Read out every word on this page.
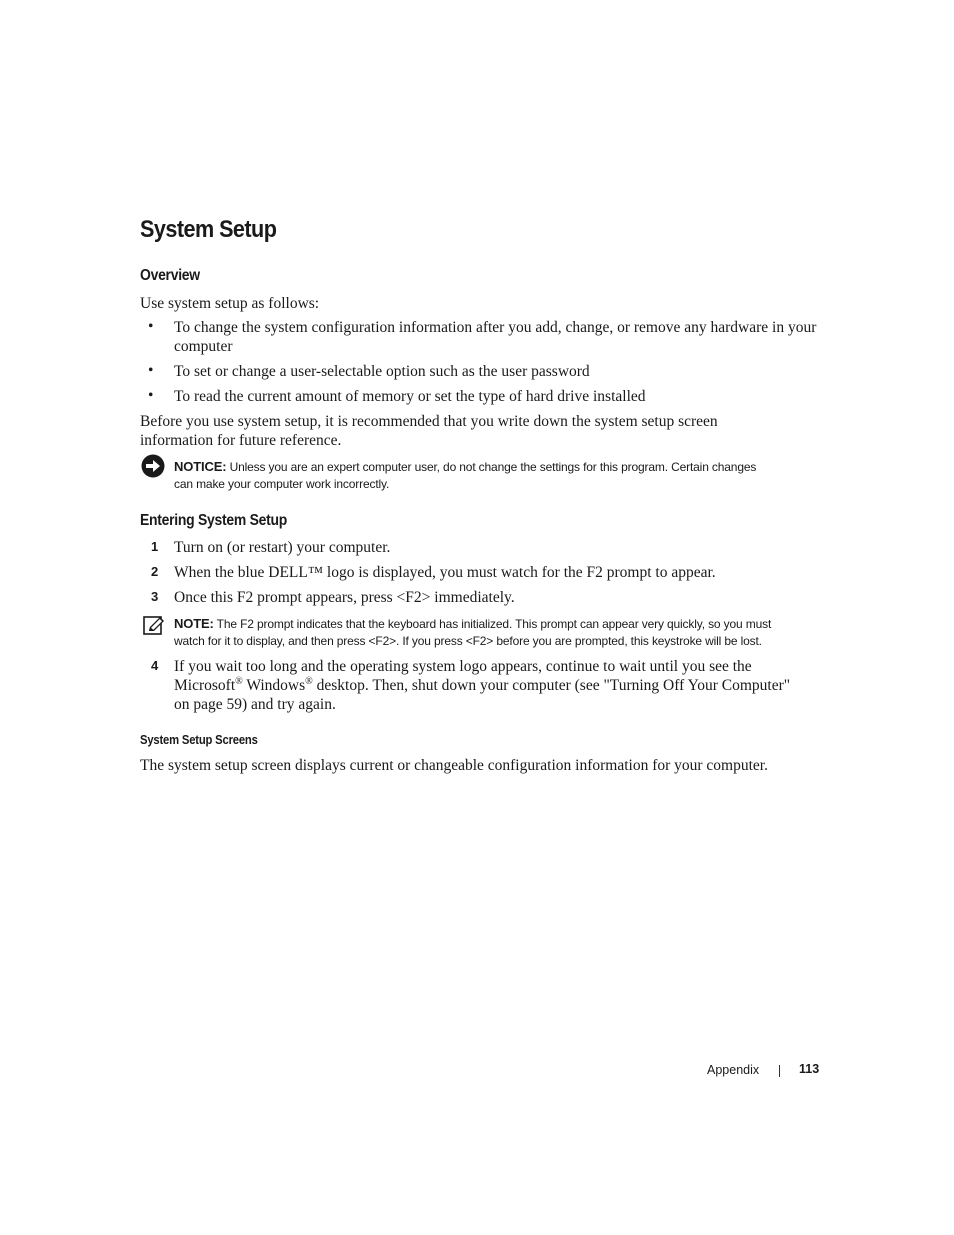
System Setup
Overview
Use system setup as follows:
• To change the system configuration information after you add, change, or remove any hardware in your
computer
• To set or change a user-selectable option such as the user password
• To read the current amount of memory or set the type of hard drive installed
Before you use system setup, it is recommended that you write down the system setup screen
information for future reference.
NOTICE: Unless you are an expert computer user, do not change the settings for this program. Certain changes
can make your computer work incorrectly.
Entering System Setup
1 Turn on (or restart) your computer.
2 When the blue DELL™ logo is displayed, you must watch for the F2 prompt to appear.
3 Once this F2 prompt appears, press <F2> immediately.
NOTE: The F2 prompt indicates that the keyboard has initialized. This prompt can appear very quickly, so you must
watch for it to display, and then press <F2>. If you press <F2> before you are prompted, this keystroke will be lost.
4 If you wait too long and the operating system logo appears, continue to wait until you see the
Microsoft® Windows® desktop. Then, shut down your computer (see "Turning Off Your Computer"
on page 59) and try again.
System Setup Screens
The system setup screen displays current or changeable configuration information for your computer.
Appendix	113
